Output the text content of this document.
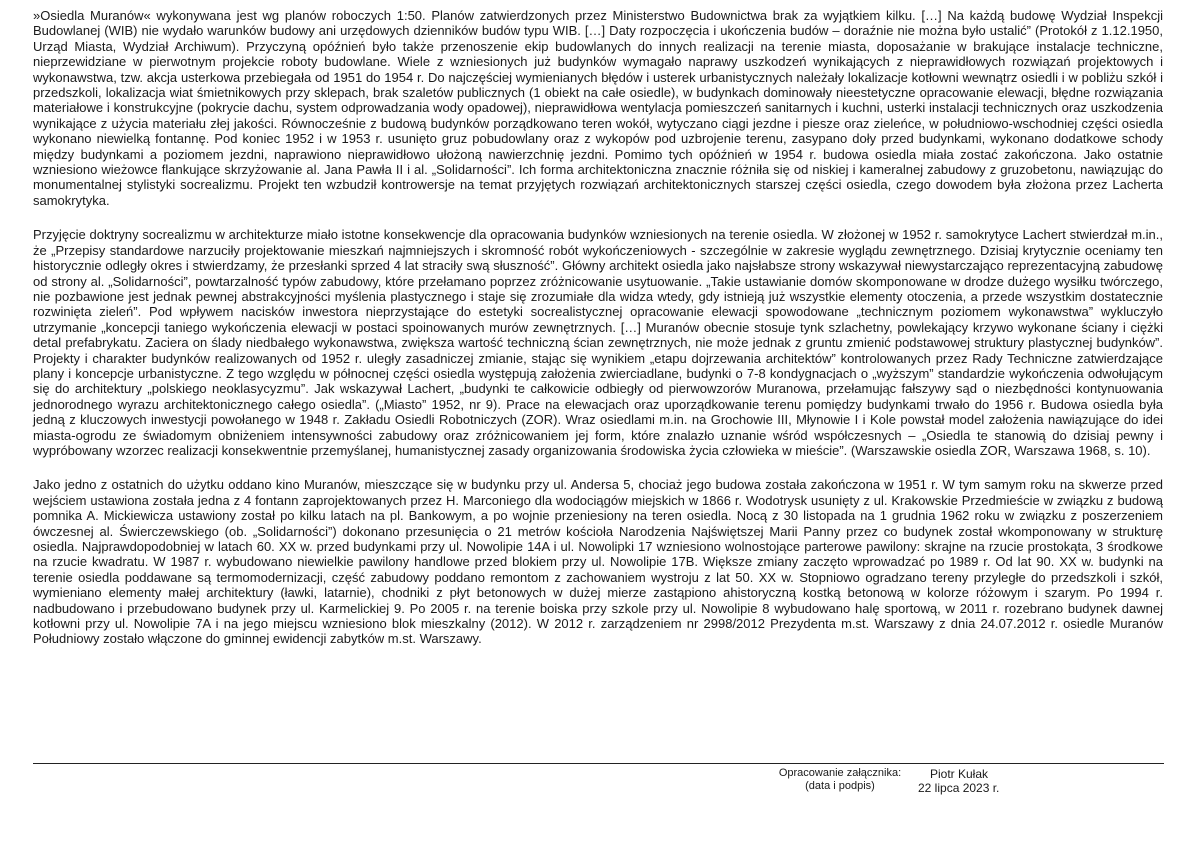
»Osiedla Muranów« wykonywana jest wg planów roboczych 1:50. Planów zatwierdzonych przez Ministerstwo Budownictwa brak za wyjątkiem kilku. […] Na każdą budowę Wydział Inspekcji Budowlanej (WIB) nie wydało warunków budowy ani urzędowych dzienników budów typu WIB. […] Daty rozpoczęcia i ukończenia budów – doraźnie nie można było ustalić” (Protokół z 1.12.1950, Urząd Miasta, Wydział Archiwum). Przyczyną opóźnień było także przenoszenie ekip budowlanych do innych realizacji na terenie miasta, doposażanie w brakujące instalacje techniczne, nieprzewidziane w pierwotnym projekcie roboty budowlane. Wiele z wzniesionych już budynków wymagało naprawy uszkodzeń wynikających z nieprawidłowych rozwiązań projektowych i wykonawstwa, tzw. akcja usterkowa przebiegała od 1951 do 1954 r. Do najczęściej wymienianych błędów i usterek urbanistycznych należały lokalizacje kotłowni wewnątrz osiedli i w pobliżu szkół i przedszkoli, lokalizacja wiat śmietnikowych przy sklepach, brak szaletów publicznych (1 obiekt na całe osiedle), w budynkach dominowały nieestetyczne opracowanie elewacji, błędne rozwiązania materiałowe i konstrukcyjne (pokrycie dachu, system odprowadzania wody opadowej), nieprawidłowa wentylacja pomieszczeń sanitarnych i kuchni, usterki instalacji technicznych oraz uszkodzenia wynikające z użycia materiału złej jakości. Równocześnie z budową budynków porządkowano teren wokół, wytyczano ciągi jezdne i piesze oraz zieleńce, w południowo-wschodniej części osiedla wykonano niewielką fontannę. Pod koniec 1952 i w 1953 r. usunięto gruz pobudowlany oraz z wykopów pod uzbrojenie terenu, zasypano doły przed budynkami, wykonano dodatkowe schody między budynkami a poziomem jezdni, naprawiono nieprawidłowo ułożoną nawierzchnię jezdni. Pomimo tych opóźnień w 1954 r. budowa osiedla miała zostać zakończona. Jako ostatnie wzniesiono wieżowce flankujące skrzyżowanie al. Jana Pawła II i al. „Solidarności”. Ich forma architektoniczna znacznie różniła się od niskiej i kameralnej zabudowy z gruzobetonu, nawiązując do monumentalnej stylistyki socrealizmu. Projekt ten wzbudził kontrowersje na temat przyjętych rozwiązań architektonicznych starszej części osiedla, czego dowodem była złożona przez Lacherta samokrytyka.

Przyjęcie doktryny socrealizmu w architekturze miało istotne konsekwencje dla opracowania budynków wzniesionych na terenie osiedla. W złożonej w 1952 r. samokrytyce Lachert stwierdzał m.in., że „Przepisy standardowe narzuciły projektowanie mieszkań najmniejszych i skromność robót wykończeniowych - szczególnie w zakresie wyglądu zewnętrznego. Dzisiaj krytycznie oceniamy ten historycznie odległy okres i stwierdzamy, że przesłanki sprzed 4 lat straciły swą słuszność”. Główny architekt osiedla jako najsłabsze strony wskazywał niewystarczająco reprezentacyjną zabudowę od strony al. „Solidarności”, powtarzalność typów zabudowy, które przełamano poprzez zróżnicowanie usytuowanie. „Takie ustawianie domów skomponowane w drodze dużego wysiłku twórczego, nie pozbawione jest jednak pewnej abstrakcyjności myślenia plastycznego i staje się zrozumiałe dla widza wtedy, gdy istnieją już wszystkie elementy otoczenia, a przede wszystkim dostatecznie rozwinięta zieleń”. Pod wpływem nacisków inwestora nieprzystające do estetyki socrealistycznej opracowanie elewacji spowodowane „technicznym poziomem wykonawstwa” wykluczyło utrzymanie „koncepcji taniego wykończenia elewacji w postaci spoinowanych murów zewnętrznych. […] Muranów obecnie stosuje tynk szlachetny, powlekający krzywo wykonane ściany i ciężki detal prefabrykatu. Zaciera on ślady niedbałego wykonawstwa, zwiększa wartość techniczną ścian zewnętrznych, nie może jednak z gruntu zmienić podstawowej struktury plastycznej budynków”. Projekty i charakter budynków realizowanych od 1952 r. uległy zasadniczej zmianie, stając się wynikiem „etapu dojrzewania architektów” kontrolowanych przez Rady Techniczne zatwierdzające plany i koncepcje urbanistyczne. Z tego względu w północnej części osiedla występują założenia zwierciadlane, budynki o 7-8 kondygnacjach o „wyższym” standardzie wykończenia odwołującym się do architektury „polskiego neoklasycyzmu”. Jak wskazywał Lachert, „budynki te całkowicie odbiegły od pierwowzorów Muranowa, przełamując fałszywy sąd o niezbędności kontynuowania jednorodnego wyrazu architektonicznego całego osiedla”. („Miasto” 1952, nr 9). Prace na elewacjach oraz uporządkowanie terenu pomiędzy budynkami trwało do 1956 r. Budowa osiedla była jedną z kluczowych inwestycji powołanego w 1948 r. Zakładu Osiedli Robotniczych (ZOR). Wraz osiedlami m.in. na Grochowie III, Młynowie I i Kole powstał model założenia nawiązujące do idei miasta-ogrodu ze świadomym obniżeniem intensywności zabudowy oraz zróżnicowaniem jej form, które znalazło uznanie wśród współczesnych – „Osiedla te stanowią do dzisiaj pewny i wypróbowany wzorzec realizacji konsekwentnie przemyślanej, humanistycznej zasady organizowania środowiska życia człowieka w mieście”. (Warszawskie osiedla ZOR, Warszawa 1968, s. 10).

Jako jedno z ostatnich do użytku oddano kino Muranów, mieszczące się w budynku przy ul. Andersa 5, chociaż jego budowa została zakończona w 1951 r. W tym samym roku na skwerze przed wejściem ustawiona została jedna z 4 fontann zaprojektowanych przez H. Marconiego dla wodociągów miejskich w 1866 r. Wodotrysk usunięty z ul. Krakowskie Przedmieście w związku z budową pomnika A. Mickiewicza ustawiony został po kilku latach na pl. Bankowym, a po wojnie przeniesiony na teren osiedla. Nocą z 30 listopada na 1 grudnia 1962 roku w związku z poszerzeniem ówczesnej al. Świerczewskiego (ob. „Solidarności”) dokonano przesunięcia o 21 metrów kościoła Narodzenia Najświętszej Marii Panny przez co budynek został wkomponowany w strukturę osiedla. Najprawdopodobniej w latach 60. XX w. przed budynkami przy ul. Nowolipie 14A i ul. Nowolipki 17 wzniesiono wolnostojące parterowe pawilony: skrajne na rzucie prostokąta, 3 środkowe na rzucie kwadratu. W 1987 r. wybudowano niewielkie pawilony handlowe przed blokiem przy ul. Nowolipie 17B. Większe zmiany zaczęto wprowadzać po 1989 r. Od lat 90. XX w. budynki na terenie osiedla poddawane są termomodernizacji, część zabudowy poddano remontom z zachowaniem wystroju z lat 50. XX w. Stopniowo ogradzano tereny przyległe do przedszkoli i szkół, wymieniano elementy małej architektury (ławki, latarnie), chodniki z płyt betonowych w dużej mierze zastąpiono ahistoryczną kostką betonową w kolorze różowym i szarym. Po 1994 r. nadbudowano i przebudowano budynek przy ul. Karmelickiej 9. Po 2005 r. na terenie boiska przy szkole przy ul. Nowolipie 8 wybudowano halę sportową, w 2011 r. rozebrano budynek dawnej kotłowni przy ul. Nowolipie 7A i na jego miejscu wzniesiono blok mieszkalny (2012). W 2012 r. zarządzeniem nr 2998/2012 Prezydenta m.st. Warszawy z dnia 24.07.2012 r. osiedle Muranów Południowy zostało włączone do gminnej ewidencji zabytków m.st. Warszawy.

Opracowanie załącznika:
(data i podpis)
Piotr Kułak
22 lipca 2023 r.
